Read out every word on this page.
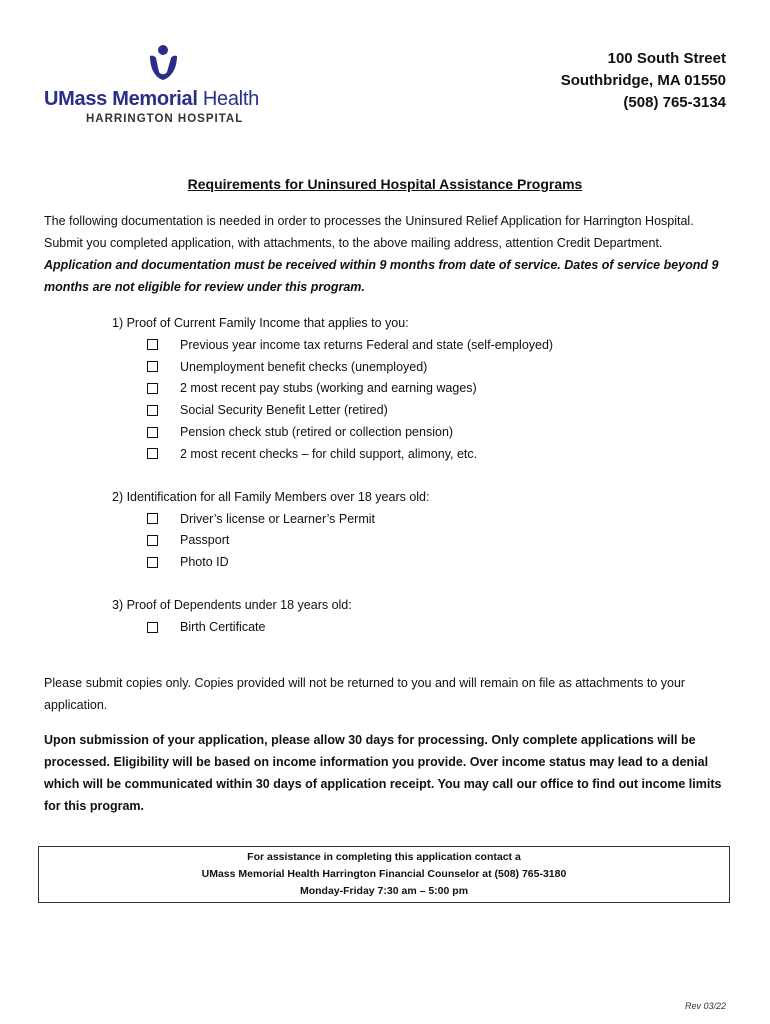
UMass Memorial Health
HARRINGTON HOSPITAL
100 South Street
Southbridge, MA 01550
(508) 765-3134
Requirements for Uninsured Hospital Assistance Programs
The following documentation is needed in order to processes the Uninsured Relief Application for Harrington Hospital. Submit you completed application, with attachments, to the above mailing address, attention Credit Department. Application and documentation must be received within 9 months from date of service. Dates of service beyond 9 months are not eligible for review under this program.
1) Proof of Current Family Income that applies to you:
Previous year income tax returns Federal and state (self-employed)
Unemployment benefit checks (unemployed)
2 most recent pay stubs (working and earning wages)
Social Security Benefit Letter (retired)
Pension check stub (retired or collection pension)
2 most recent checks – for child support, alimony, etc.
2) Identification for all Family Members over 18 years old:
Driver’s license or Learner’s Permit
Passport
Photo ID
3) Proof of Dependents under 18 years old:
Birth Certificate
Please submit copies only. Copies provided will not be returned to you and will remain on file as attachments to your application.
Upon submission of your application, please allow 30 days for processing. Only complete applications will be processed. Eligibility will be based on income information you provide. Over income status may lead to a denial which will be communicated within 30 days of application receipt. You may call our office to find out income limits for this program.
For assistance in completing this application contact a
UMass Memorial Health Harrington Financial Counselor at (508) 765-3180
Monday-Friday 7:30 am – 5:00 pm
Rev 03/22
